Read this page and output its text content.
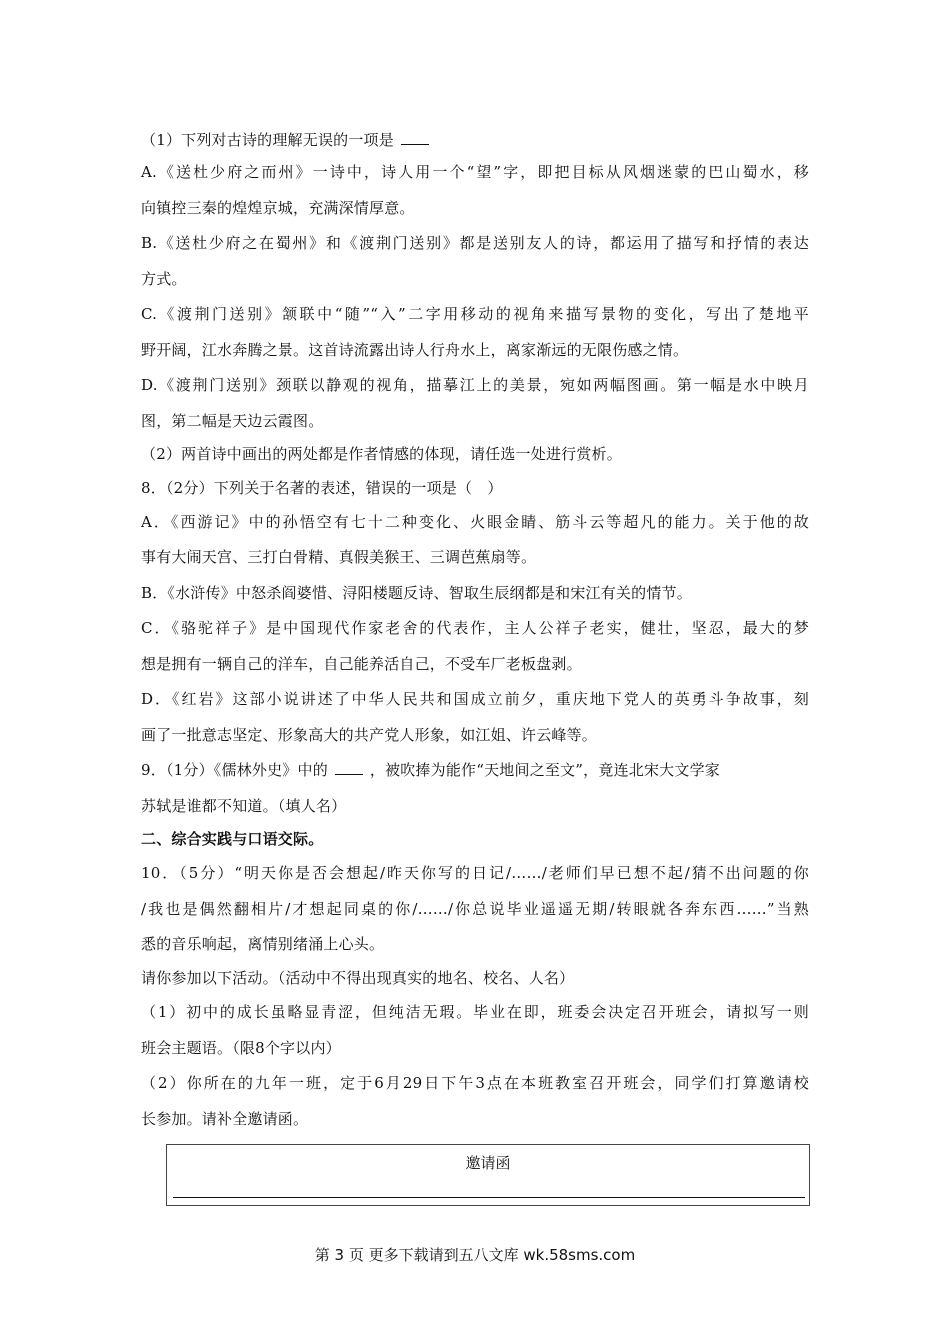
（1）下列对古诗的理解无误的一项是
A.《送杜少府之而州》一诗中，诗人用一个“望”字，即把目标从风烟迷蒙的巴山蜀水，移
向镇控三秦的煌煌京城，充满深情厚意。
B.《送杜少府之在蜀州》和《渡荆门送别》都是送别友人的诗，都运用了描写和抒情的表达
方式。
C.《渡荆门送别》颔联中“随”“入”二字用移动的视角来描写景物的变化，写出了楚地平
野开阔，江水奔腾之景。这首诗流露出诗人行舟水上，离家渐远的无限伤感之情。
D.《渡荆门送别》颈联以静观的视角，描摹江上的美景，宛如两幅图画。第一幅是水中映月
图，第二幅是天边云霞图。
（2）两首诗中画出的两处都是作者情感的体现，请任选一处进行赏析。
8．（2分）下列关于名著的表述，错误的一项是（　）
A．《西游记》中的孙悟空有七十二种变化、火眼金睛、筋斗云等超凡的能力。关于他的故
事有大闹天宫、三打白骨精、真假美猴王、三调芭蕉扇等。
B．《水浒传》中怒杀阎婆惜、浔阳楼题反诗、智取生辰纲都是和宋江有关的情节。
C．《骆驼祥子》是中国现代作家老舍的代表作，主人公祥子老实，健壮，坚忍，最大的梦
想是拥有一辆自己的洋车，自己能养活自己，不受车厂老板盘剥。
D．《红岩》这部小说讲述了中华人民共和国成立前夕，重庆地下党人的英勇斗争故事，刻
画了一批意志坚定、形象高大的共产党人形象，如江姐、许云峰等。
9．（1分）《儒林外史》中的	，被吹捧为能作“天地间之至文”，竟连北宋大文学家
苏轼是谁都不知道。（填人名）
二、综合实践与口语交际。
10．（5分）“明天你是否会想起/昨天你写的日记/……/老师们早已想不起/猜不出问题的你
/我也是偶然翻相片/才想起同桌的你/……/你总说毕业遥遥无期/转眼就各奔东西……”当熟
悉的音乐响起，离情别绪涌上心头。
请你参加以下活动。（活动中不得出现真实的地名、校名、人名）
（1）初中的成长虽略显青涩，但纯洁无瑕。毕业在即，班委会决定召开班会，请拟写一则
班会主题语。（限8个字以内）
（2）你所在的九年一班，定于6月29日下午3点在本班教室召开班会，同学们打算邀请校
长参加。请补全邀请函。
邀请函
第 3 页 更多下载请到五八文库 wk.58sms.com
